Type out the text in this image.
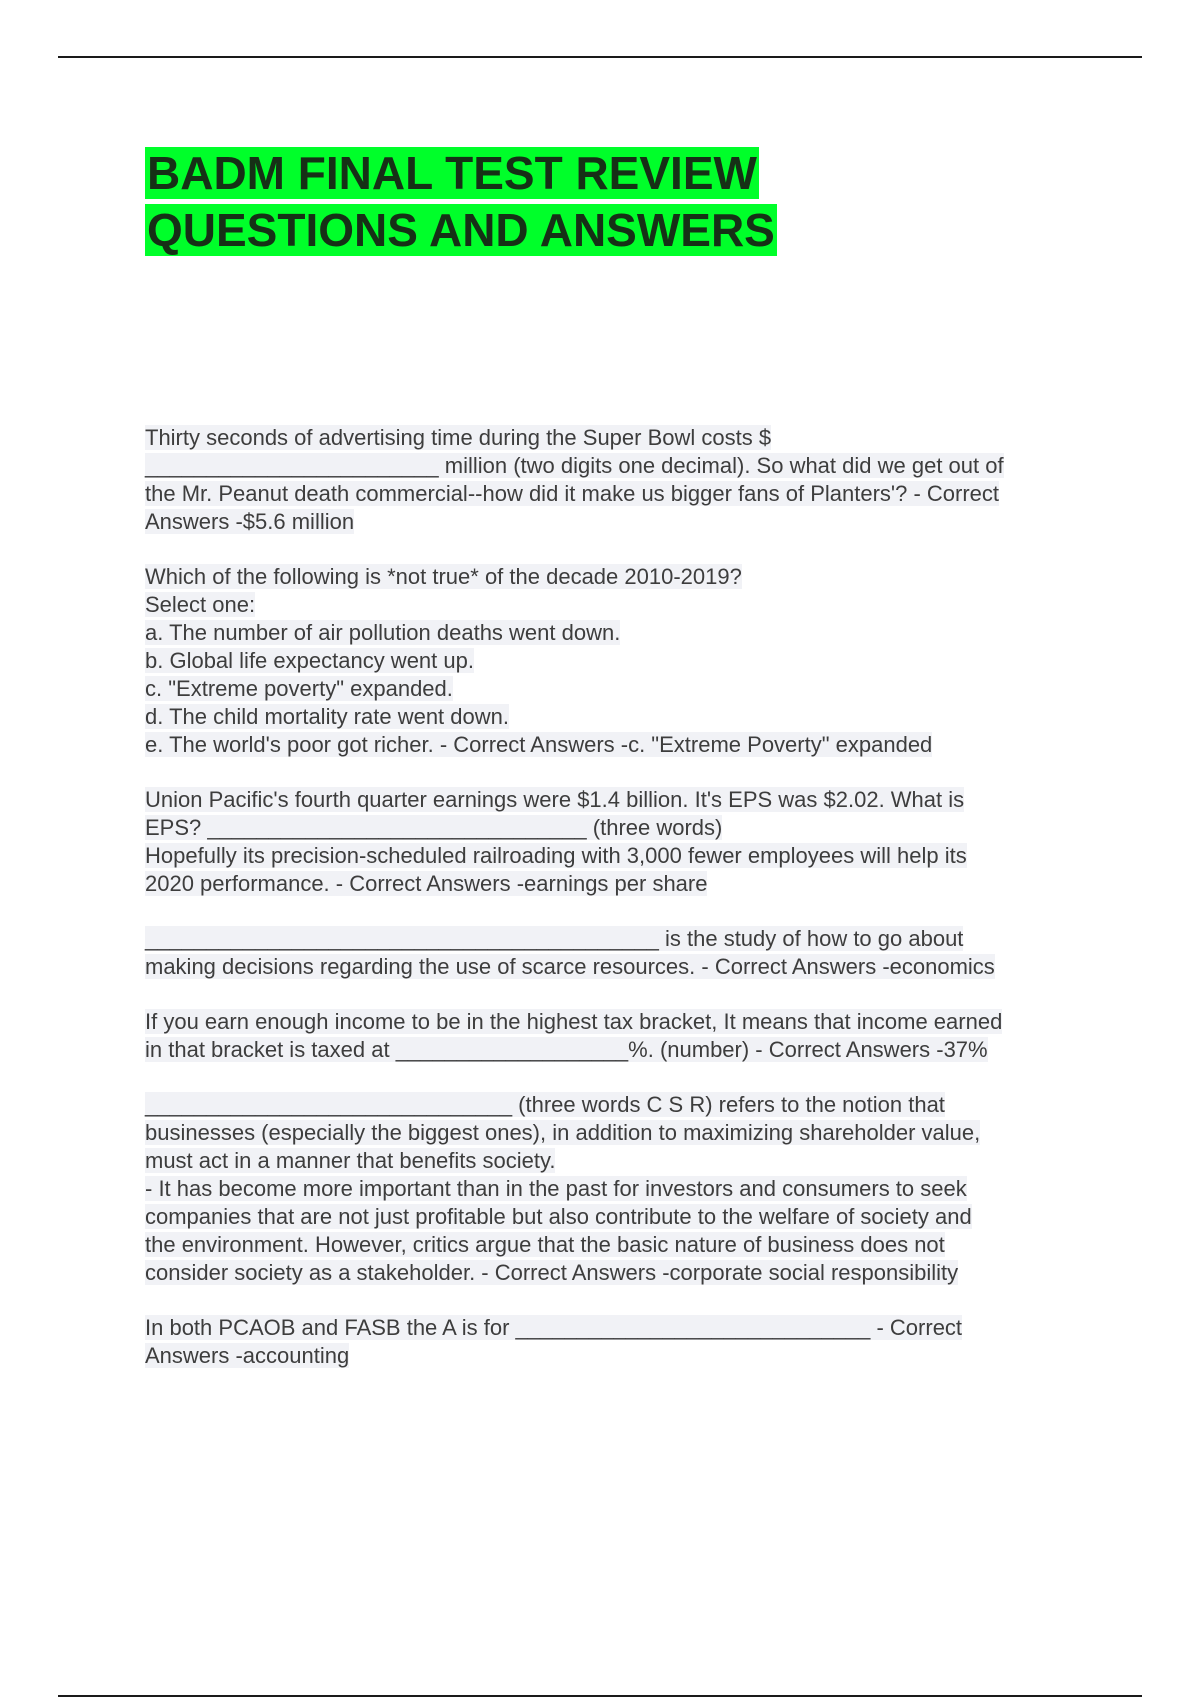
BADM FINAL TEST REVIEW
QUESTIONS AND ANSWERS
Thirty seconds of advertising time during the Super Bowl costs $
________________________ million (two digits one decimal). So what did we get out of
the Mr. Peanut death commercial--how did it make us bigger fans of Planters'? - Correct
Answers -$5.6 million
Which of the following is *not true* of the decade 2010-2019?
Select one:
a. The number of air pollution deaths went down.
b. Global life expectancy went up.
c. "Extreme poverty" expanded.
d. The child mortality rate went down.
e. The world's poor got richer. - Correct Answers -c. "Extreme Poverty" expanded
Union Pacific's fourth quarter earnings were $1.4 billion. It's EPS was $2.02. What is
EPS? _______________________________ (three words)
Hopefully its precision-scheduled railroading with 3,000 fewer employees will help its
2020 performance. - Correct Answers -earnings per share
__________________________________________ is the study of how to go about
making decisions regarding the use of scarce resources. - Correct Answers -economics
If you earn enough income to be in the highest tax bracket, It means that income earned
in that bracket is taxed at ___________________%. (number) - Correct Answers -37%
______________________________ (three words C S R) refers to the notion that
businesses (especially the biggest ones), in addition to maximizing shareholder value,
must act in a manner that benefits society.
- It has become more important than in the past for investors and consumers to seek
companies that are not just profitable but also contribute to the welfare of society and
the environment. However, critics argue that the basic nature of business does not
consider society as a stakeholder. - Correct Answers -corporate social responsibility
In both PCAOB and FASB the A is for _____________________________ - Correct
Answers -accounting
